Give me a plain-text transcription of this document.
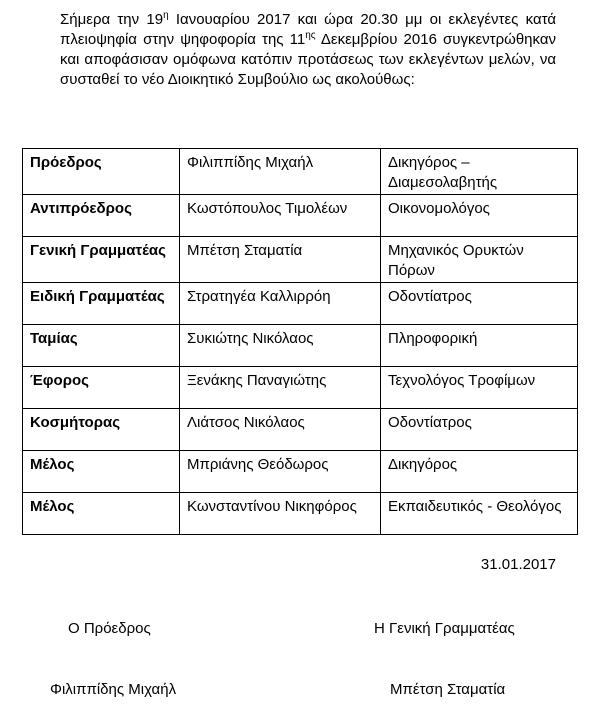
Σήμερα την $19^\eta$ Ιανουαρίου 2017 και ώρα 20.30 μμ οι εκλεγέντες κατά πλειοψηφία στην ψηφοφορία της $11^{\eta\varsigma}$ Δεκεμβρίου 2016 συγκεντρώθηκαν και αποφάσισαν ομόφωνα κατόπιν προτάσεως των εκλεγέντων μελών, να συσταθεί το νέο Διοικητικό Συμβούλιο ως ακολούθως:

Πρόεδρος	Φιλιππίδης Μιχαήλ	Δικηγόρος – Διαμεσολαβητής
Αντιπρόεδρος	Κωστόπουλος Τιμολέων	Οικονομολόγος
Γενική Γραμματέας	Μπέτση Σταματία	Μηχανικός Ορυκτών Πόρων
Ειδική Γραμματέας	Στρατηγέα Καλλιρρόη	Οδοντίατρος
Ταμίας	Συκιώτης Νικόλαος	Πληροφορική
Έφορος	Ξενάκης Παναγιώτης	Τεχνολόγος Τροφίμων
Κοσμήτορας	Λιάτσος Νικόλαος	Οδοντίατρος
Μέλος	Μπριάνης Θεόδωρος	Δικηγόρος
Μέλος	Κωνσταντίνου Νικηφόρος	Εκπαιδευτικός - Θεολόγος
31.01.2017
Ο Πρόεδρος	Η Γενική Γραμματέας
Φιλιππίδης Μιχαήλ	Μπέτση Σταματία
